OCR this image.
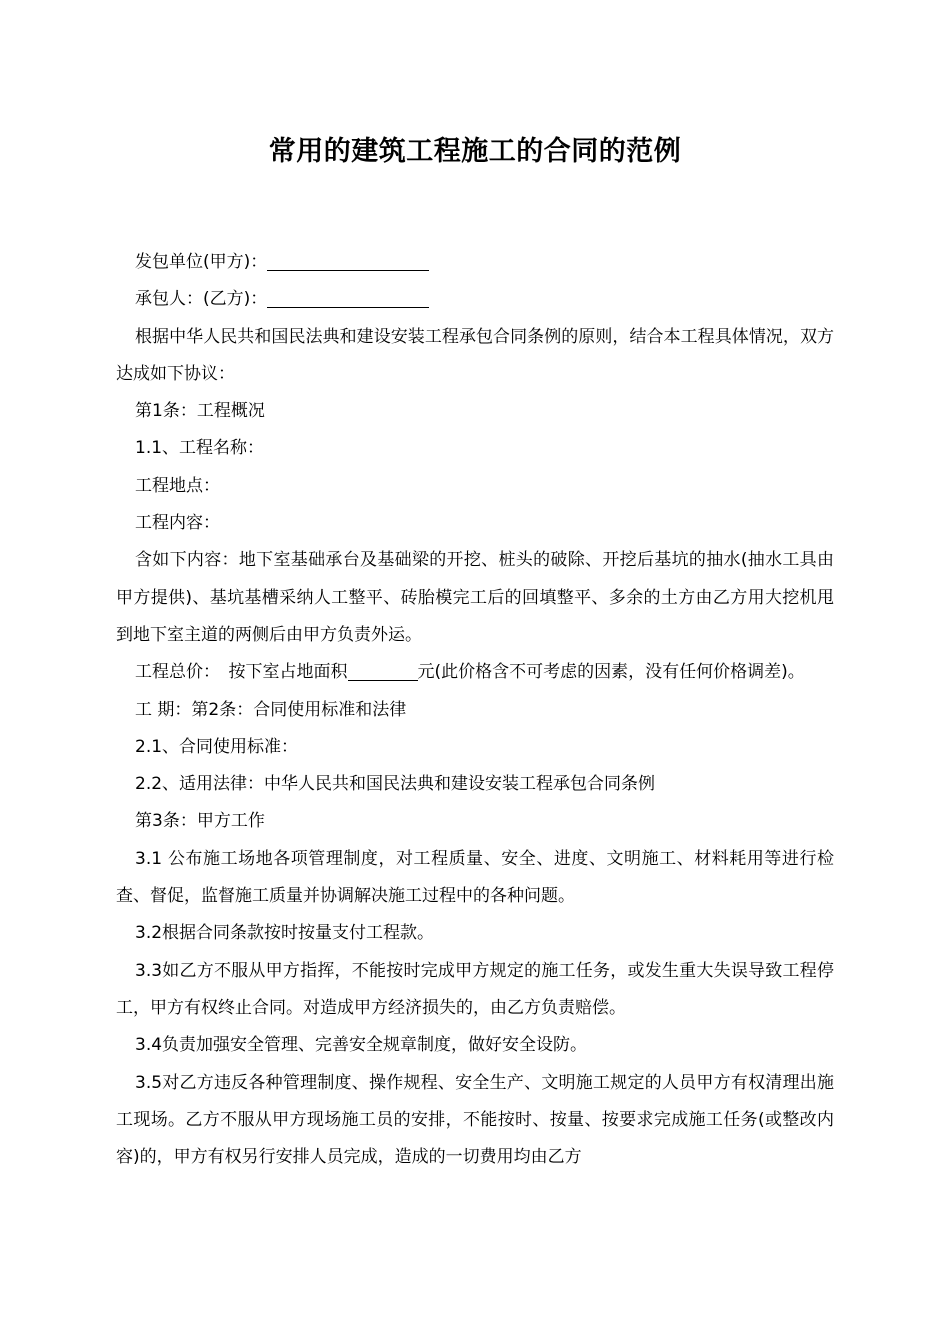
常用的建筑工程施工的合同的范例

发包单位(甲方)：

承包人：(乙方)：

根据中华人民共和国民法典和建设安装工程承包合同条例的原则，结合本工程具体情况，双方达成如下协议：

第1条：工程概况

1.1、工程名称：

工程地点：

工程内容：

含如下内容：地下室基础承台及基础梁的开挖、桩头的破除、开挖后基坑的抽水(抽水工具由甲方提供)、基坑基槽采纳人工整平、砖胎模完工后的回填整平、多余的土方由乙方用大挖机甩到地下室主道的两侧后由甲方负责外运。

工程总价：　按下室占地面积	元(此价格含不可考虑的因素，没有任何价格调差)。

工 期：第2条：合同使用标准和法律

2.1、合同使用标准：

2.2、适用法律：中华人民共和国民法典和建设安装工程承包合同条例

第3条：甲方工作

3.1 公布施工场地各项管理制度，对工程质量、安全、进度、文明施工、材料耗用等进行检查、督促，监督施工质量并协调解决施工过程中的各种问题。

3.2根据合同条款按时按量支付工程款。

3.3如乙方不服从甲方指挥，不能按时完成甲方规定的施工任务，或发生重大失误导致工程停工，甲方有权终止合同。对造成甲方经济损失的，由乙方负责赔偿。

3.4负责加强安全管理、完善安全规章制度，做好安全设防。

3.5对乙方违反各种管理制度、操作规程、安全生产、文明施工规定的人员甲方有权清理出施工现场。乙方不服从甲方现场施工员的安排，不能按时、按量、按要求完成施工任务(或整改内容)的，甲方有权另行安排人员完成，造成的一切费用均由乙方
